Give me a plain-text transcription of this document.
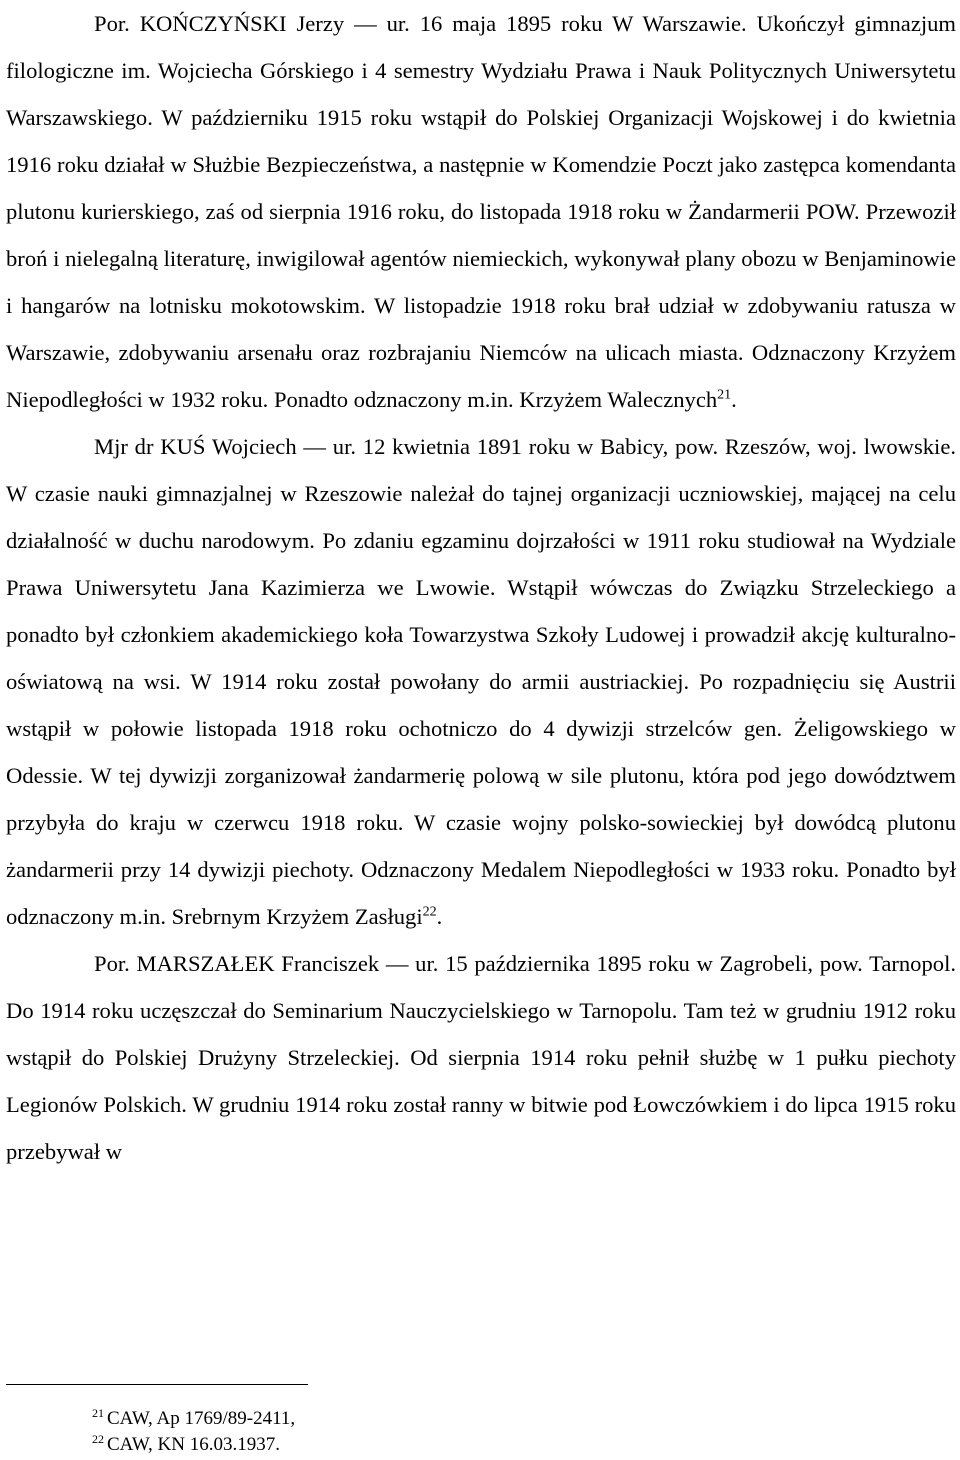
Por. KOŃCZYŃSKI Jerzy — ur. 16 maja 1895 roku W Warszawie. Ukończył gimnazjum filologiczne im. Wojciecha Górskiego i 4 semestry Wydziału Prawa i Nauk Politycznych Uniwersytetu Warszawskiego. W październiku 1915 roku wstąpił do Polskiej Organizacji Wojskowej i do kwietnia 1916 roku działał w Służbie Bezpieczeństwa, a następnie w Komendzie Poczt jako zastępca komendanta plutonu kurierskiego, zaś od sierpnia 1916 roku, do listopada 1918 roku w Żandarmerii POW. Przewoził broń i nielegalną literaturę, inwigilował agentów niemieckich, wykonywał plany obozu w Benjaminowie i hangarów na lotnisku mokotowskim. W listopadzie 1918 roku brał udział w zdobywaniu ratusza w Warszawie, zdobywaniu arsenału oraz rozbrajaniu Niemców na ulicach miasta. Odznaczony Krzyżem Niepodległości w 1932 roku. Ponadto odznaczony m.in. Krzyżem Walecznych$^{21}$.

Mjr dr KUŚ Wojciech — ur. 12 kwietnia 1891 roku w Babicy, pow. Rzeszów, woj. lwowskie. W czasie nauki gimnazjalnej w Rzeszowie należał do tajnej organizacji uczniowskiej, mającej na celu działalność w duchu narodowym. Po zdaniu egzaminu dojrzałości w 1911 roku studiował na Wydziale Prawa Uniwersytetu Jana Kazimierza we Lwowie. Wstąpił wówczas do Związku Strzeleckiego a ponadto był członkiem akademickiego koła Towarzystwa Szkoły Ludowej i prowadził akcję kulturalno-oświatową na wsi. W 1914 roku został powołany do armii austriackiej. Po rozpadnięciu się Austrii wstąpił w połowie listopada 1918 roku ochotniczo do 4 dywizji strzelców gen. Żeligowskiego w Odessie. W tej dywizji zorganizował żandarmerię polową w sile plutonu, która pod jego dowództwem przybyła do kraju w czerwcu 1918 roku. W czasie wojny polsko-sowieckiej był dowódcą plutonu żandarmerii przy 14 dywizji piechoty. Odznaczony Medalem Niepodległości w 1933 roku. Ponadto był odznaczony m.in. Srebrnym Krzyżem Zasługi$^{22}$.

Por. MARSZAŁEK Franciszek — ur. 15 października 1895 roku w Zagrobeli, pow. Tarnopol. Do 1914 roku uczęszczał do Seminarium Nauczycielskiego w Tarnopolu. Tam też w grudniu 1912 roku wstąpił do Polskiej Drużyny Strzeleckiej. Od sierpnia 1914 roku pełnił służbę w 1 pułku piechoty Legionów Polskich. W grudniu 1914 roku został ranny w bitwie pod Łowczówkiem i do lipca 1915 roku przebywał w

$^{21}$ CAW, Ap 1769/89-2411,
$^{22}$ CAW, KN 16.03.1937.
